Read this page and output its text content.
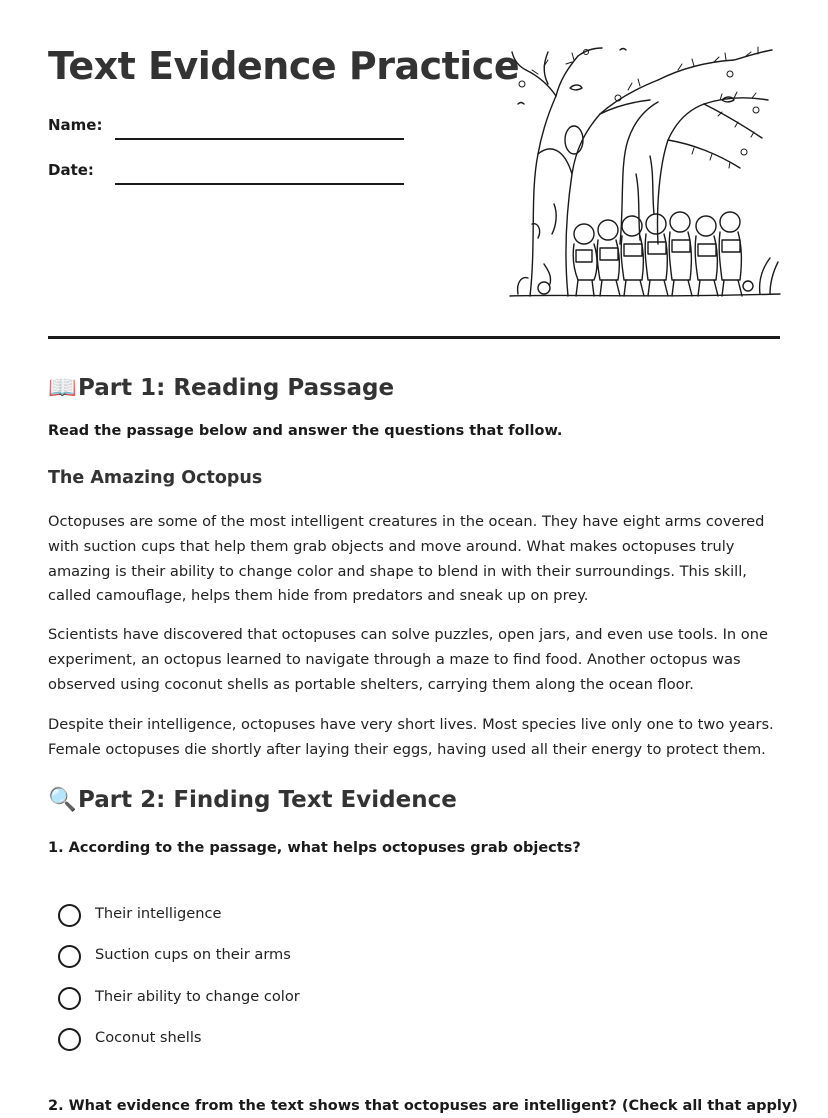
Text Evidence Practice
Name:
Date:
📖Part 1: Reading Passage
Read the passage below and answer the questions that follow.
The Amazing Octopus

Octopuses are some of the most intelligent creatures in the ocean. They have eight arms covered with suction cups that help them grab objects and move around. What makes octopuses truly amazing is their ability to change color and shape to blend in with their surroundings. This skill, called camouflage, helps them hide from predators and sneak up on prey.

Scientists have discovered that octopuses can solve puzzles, open jars, and even use tools. In one experiment, an octopus learned to navigate through a maze to find food. Another octopus was observed using coconut shells as portable shelters, carrying them along the ocean floor.

Despite their intelligence, octopuses have very short lives. Most species live only one to two years. Female octopuses die shortly after laying their eggs, having used all their energy to protect them.

🔍Part 2: Finding Text Evidence
1. According to the passage, what helps octopuses grab objects?
Their intelligence
Suction cups on their arms
Their ability to change color
Coconut shells
2. What evidence from the text shows that octopuses are intelligent? (Check all that apply)
